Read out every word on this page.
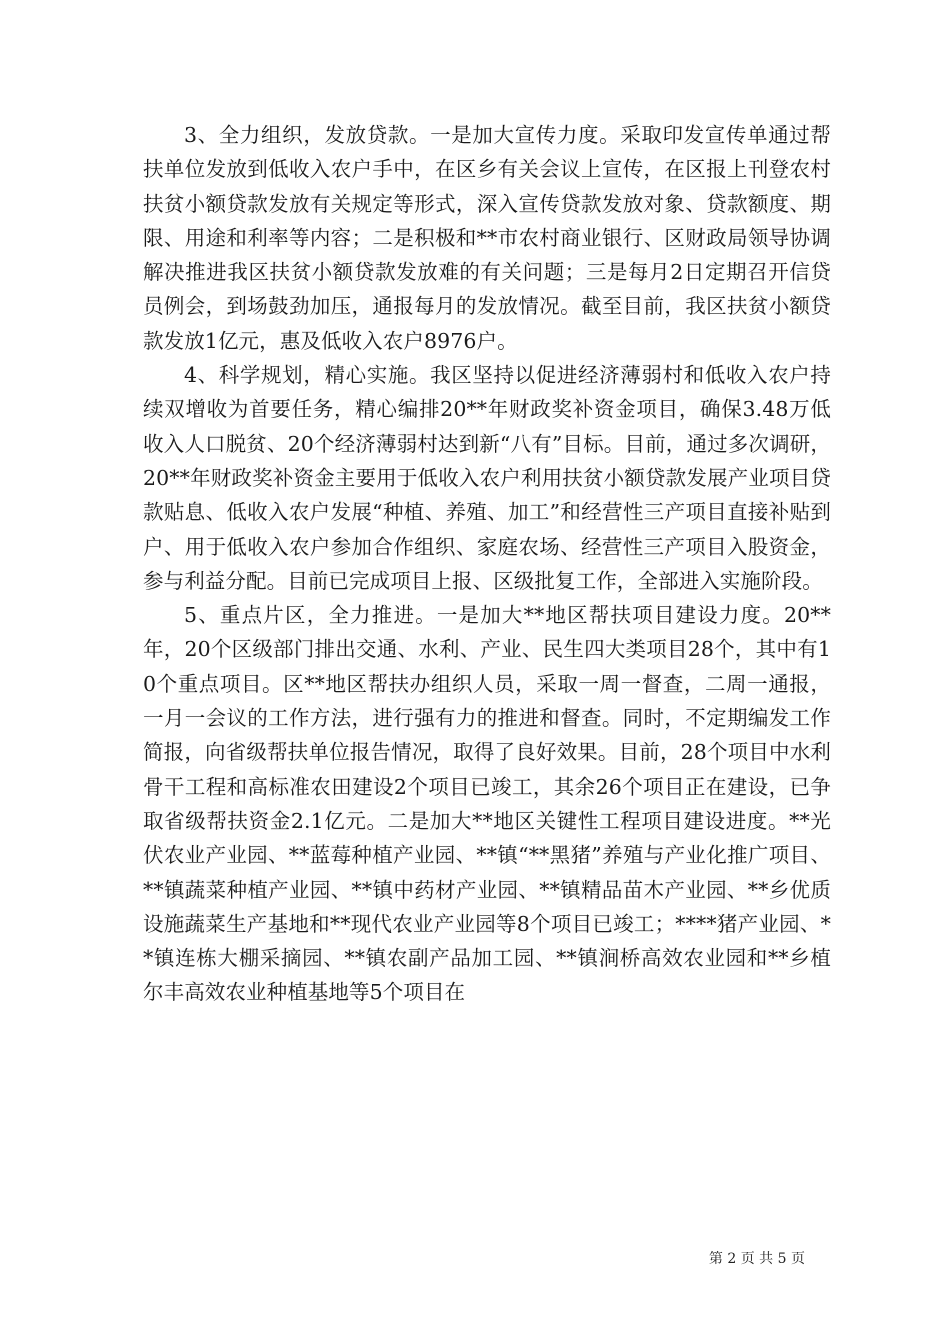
3、全力组织，发放贷款。一是加大宣传力度。采取印发宣传单通过帮扶单位发放到低收入农户手中，在区乡有关会议上宣传，在区报上刊登农村扶贫小额贷款发放有关规定等形式，深入宣传贷款发放对象、贷款额度、期限、用途和利率等内容；二是积极和**市农村商业银行、区财政局领导协调解决推进我区扶贫小额贷款发放难的有关问题；三是每月2日定期召开信贷员例会，到场鼓劲加压，通报每月的发放情况。截至目前，我区扶贫小额贷款发放1亿元，惠及低收入农户8976户。

4、科学规划，精心实施。我区坚持以促进经济薄弱村和低收入农户持续双增收为首要任务，精心编排20**年财政奖补资金项目，确保3.48万低收入人口脱贫、20个经济薄弱村达到新“八有”目标。目前，通过多次调研，20**年财政奖补资金主要用于低收入农户利用扶贫小额贷款发展产业项目贷款贴息、低收入农户发展“种植、养殖、加工”和经营性三产项目直接补贴到户、用于低收入农户参加合作组织、家庭农场、经营性三产项目入股资金，参与利益分配。目前已完成项目上报、区级批复工作，全部进入实施阶段。

5、重点片区，全力推进。一是加大**地区帮扶项目建设力度。20**年，20个区级部门排出交通、水利、产业、民生四大类项目28个，其中有10个重点项目。区**地区帮扶办组织人员，采取一周一督查，二周一通报，一月一会议的工作方法，进行强有力的推进和督查。同时，不定期编发工作简报，向省级帮扶单位报告情况，取得了良好效果。目前，28个项目中水利骨干工程和高标准农田建设2个项目已竣工，其余26个项目正在建设，已争取省级帮扶资金2.1亿元。二是加大**地区关键性工程项目建设进度。**光伏农业产业园、**蓝莓种植产业园、**镇“**黑猪”养殖与产业化推广项目、**镇蔬菜种植产业园、**镇中药材产业园、**镇精品苗木产业园、**乡优质设施蔬菜生产基地和**现代农业产业园等8个项目已竣工；****猪产业园、**镇连栋大棚采摘园、**镇农副产品加工园、**镇涧桥高效农业园和**乡植尔丰高效农业种植基地等5个项目在

第 2 页 共 5 页
